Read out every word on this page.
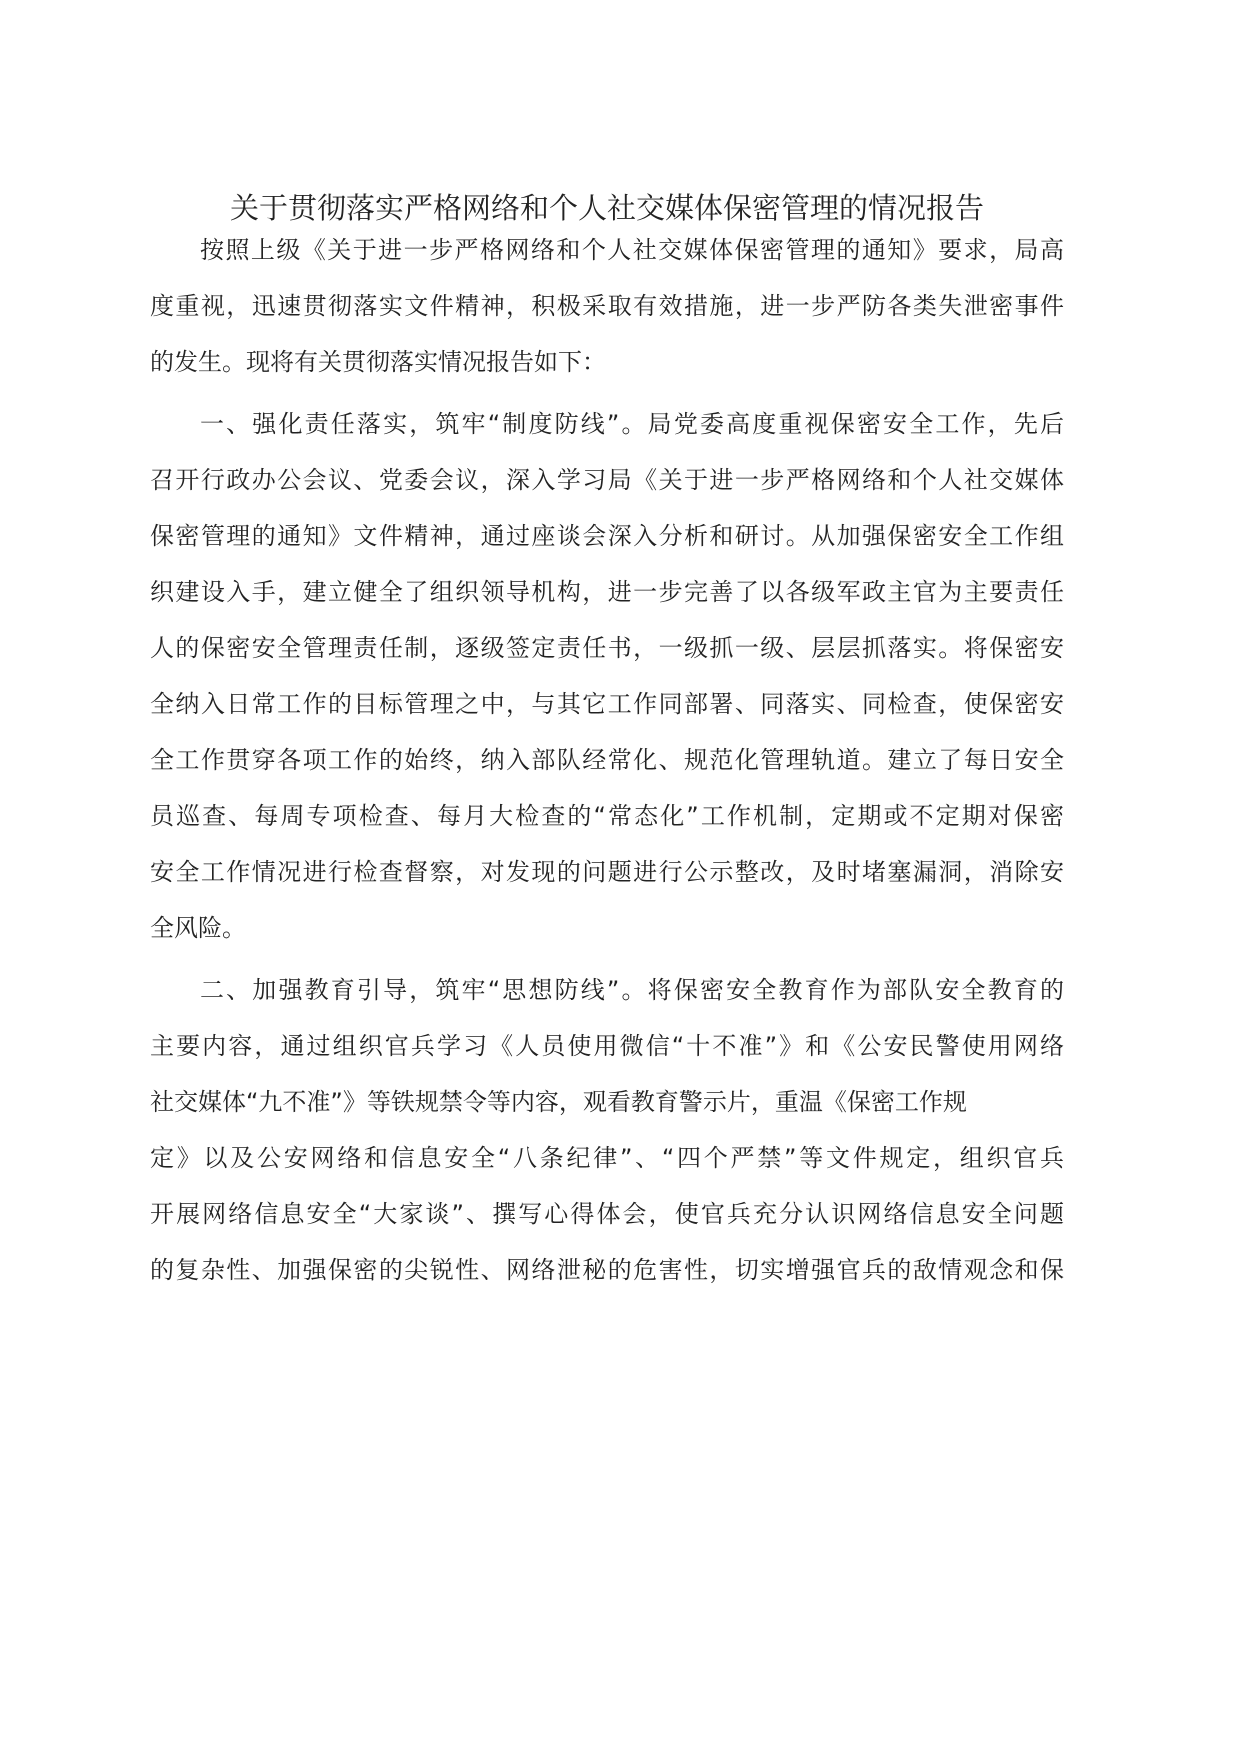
关于贯彻落实严格网络和个人社交媒体保密管理的情况报告

按照上级《关于进一步严格网络和个人社交媒体保密管理的通知》要求，局高

度重视，迅速贯彻落实文件精神，积极采取有效措施，进一步严防各类失泄密事件

的发生。现将有关贯彻落实情况报告如下：

一、强化责任落实，筑牢“制度防线”。局党委高度重视保密安全工作，先后

召开行政办公会议、党委会议，深入学习局《关于进一步严格网络和个人社交媒体

保密管理的通知》文件精神，通过座谈会深入分析和研讨。从加强保密安全工作组

织建设入手，建立健全了组织领导机构，进一步完善了以各级军政主官为主要责任

人的保密安全管理责任制，逐级签定责任书，一级抓一级、层层抓落实。将保密安

全纳入日常工作的目标管理之中，与其它工作同部署、同落实、同检查，使保密安

全工作贯穿各项工作的始终，纳入部队经常化、规范化管理轨道。建立了每日安全

员巡查、每周专项检查、每月大检查的“常态化”工作机制，定期或不定期对保密

安全工作情况进行检查督察，对发现的问题进行公示整改，及时堵塞漏洞，消除安

全风险。

二、加强教育引导，筑牢“思想防线”。将保密安全教育作为部队安全教育的

主要内容，通过组织官兵学习《人员使用微信“十不准”》和《公安民警使用网络

社交媒体“九不准”》等铁规禁令等内容，观看教育警示片，重温《保密工作规

定》以及公安网络和信息安全“八条纪律”、“四个严禁”等文件规定，组织官兵

开展网络信息安全“大家谈”、撰写心得体会，使官兵充分认识网络信息安全问题

的复杂性、加强保密的尖锐性、网络泄秘的危害性，切实增强官兵的敌情观念和保
